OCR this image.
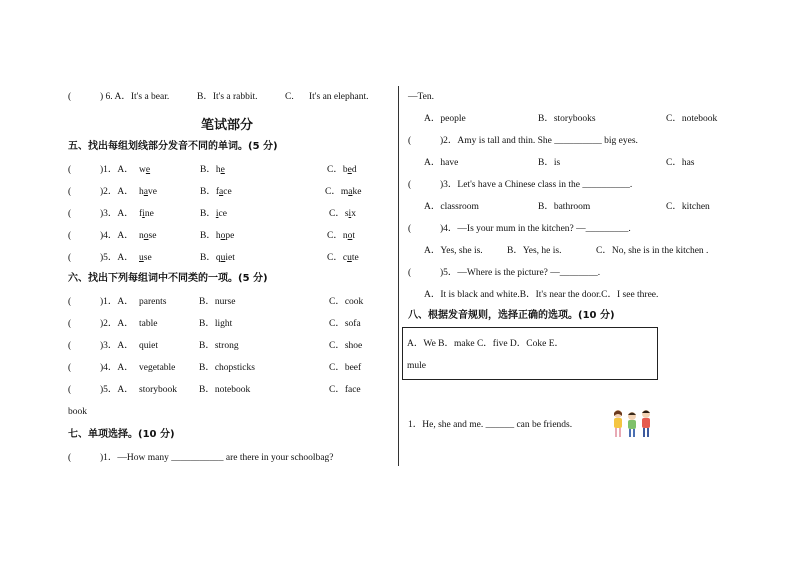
(	) 6. A．It's a bear.	B．It's a rabbit.	C. It's an elephant.
笔试部分
五、找出每组划线部分发音不同的单词。(5 分)
(	)1．A． we	B．he	C．bed
(	)2．A． have	B．face	C．make
(	)3．A． fine	B．ice	C．six
(	)4．A． nose	B．hope	C．not
(	)5．A． use	B．quiet	C．cute
六、找出下列每组词中不同类的一项。(5 分)
(	)1．A． parents	B．nurse	C．cook
(	)2．A． table	B．light	C．sofa
(	)3．A． quiet	B．strong	C．shoe
(	)4．A． vegetable B．chopsticks	C．beef
(	)5．A． storybook B．notebook	C．face
book
七、单项选择。(10 分)
(	)1．—How many ___________ are there in your schoolbag?
—Ten.
A．people	B．storybooks	C．notebook
(	)2．Amy is tall and thin. She __________ big eyes.
A．have	B．is	C．has
(	)3．Let's have a Chinese class in the __________.
A．classroom	B．bathroom	C．kitchen
(	)4．—Is your mum in the kitchen? —_________.
A．Yes, she is.	B．Yes, he is.	C．No, she is in the kitchen .
(	)5．—Where is the picture? —________.
A．It is black and white.B．It's near the door.C．I see three.
八、根据发音规则，选择正确的选项。(10 分)
A．We B．make C．five D．Coke E．
mule
1．He, she and me. ______ can be friends.
